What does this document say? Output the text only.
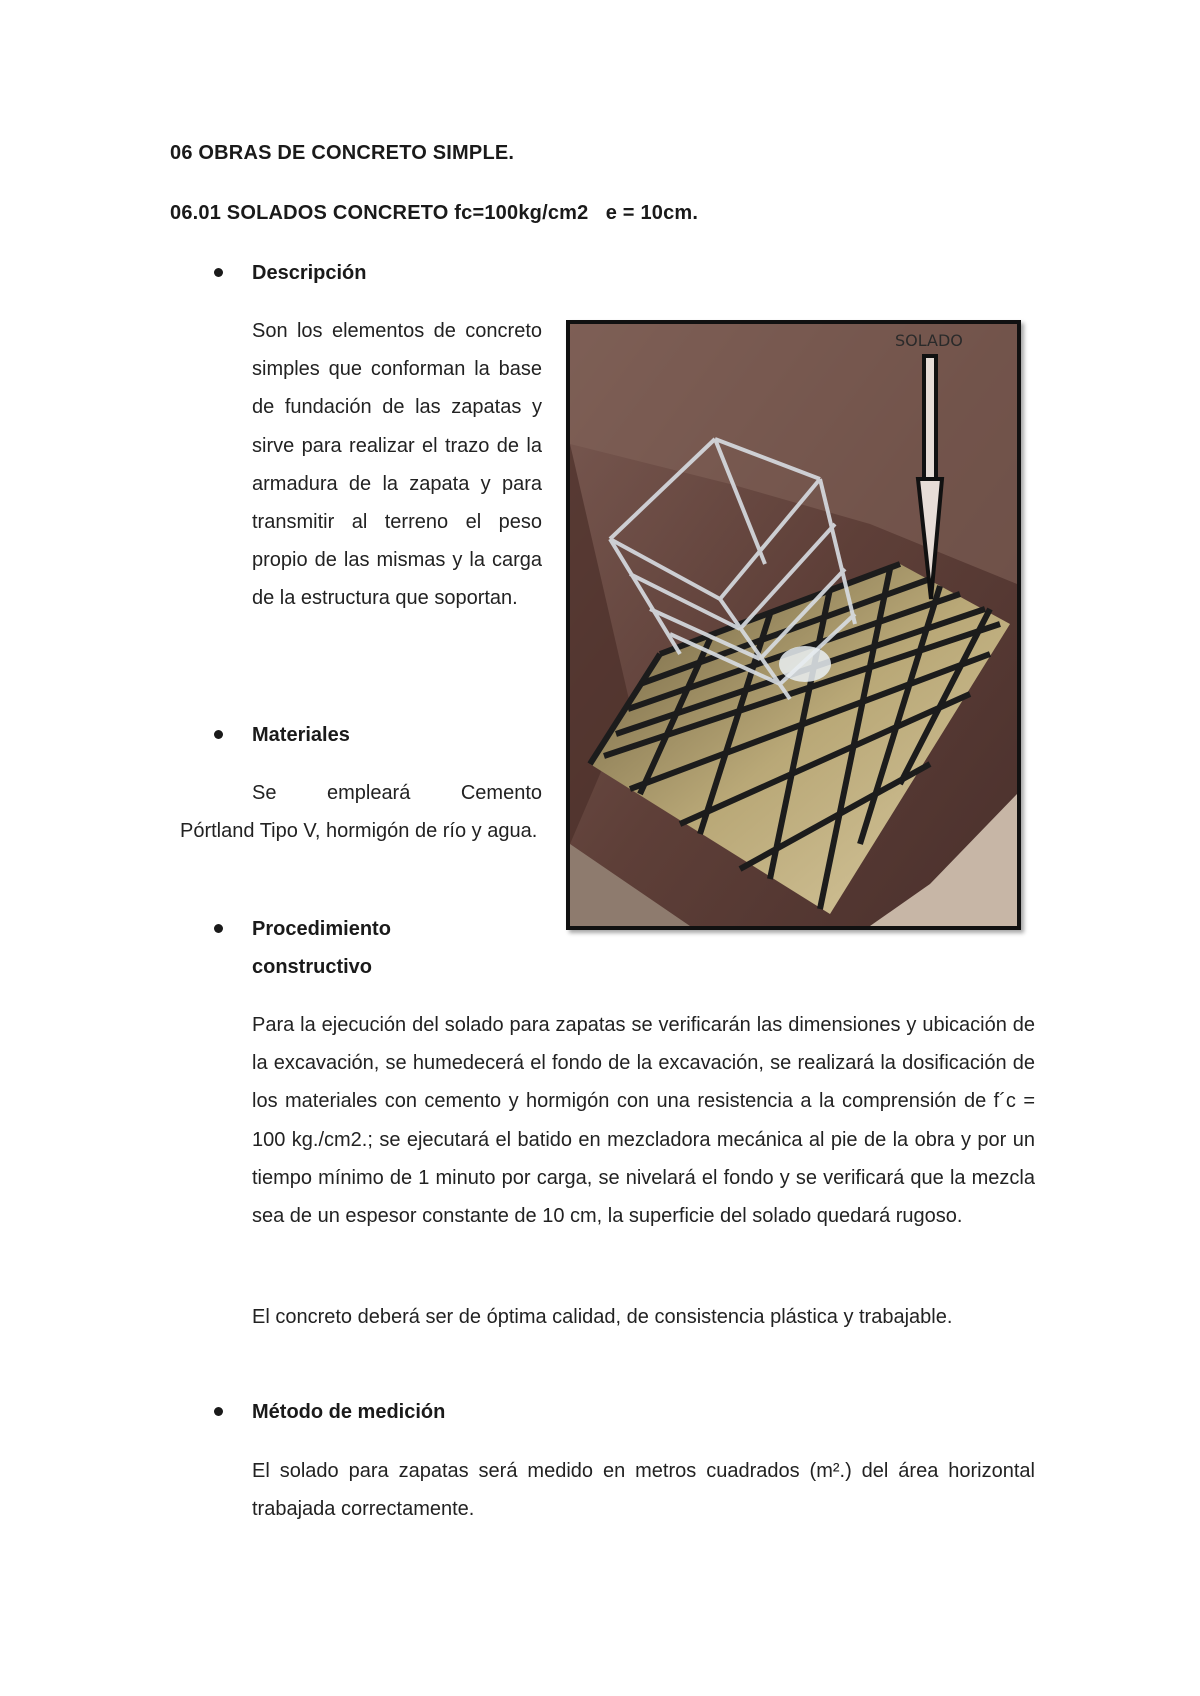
06 OBRAS DE CONCRETO SIMPLE.
06.01 SOLADOS CONCRETO fc=100kg/cm2   e = 10cm.
Descripción
Son los elementos de concreto simples que conforman la base de fundación de las zapatas y sirve para realizar el trazo de la armadura de la zapata y para transmitir al terreno el peso propio de las mismas y la carga de la estructura que soportan.
Materiales
Se empleará Cemento
Pórtland Tipo V, hormigón de río y agua.
Procedimiento
constructivo
Para la ejecución del solado para zapatas se verificarán las dimensiones y ubicación de la excavación, se humedecerá el fondo de la excavación, se realizará la dosificación de los materiales con cemento y hormigón con una resistencia a la comprensión de f´c = 100 kg./cm2.; se ejecutará el batido en mezcladora mecánica al pie de la obra y por un tiempo mínimo de 1 minuto por carga, se nivelará el fondo y se verificará que la mezcla sea de un espesor constante de 10 cm, la superficie del solado quedará rugoso.
El concreto deberá ser de óptima calidad, de consistencia plástica y trabajable.
Método de medición
El solado para zapatas será medido en metros cuadrados (m².) del área horizontal trabajada correctamente.
SOLADO
